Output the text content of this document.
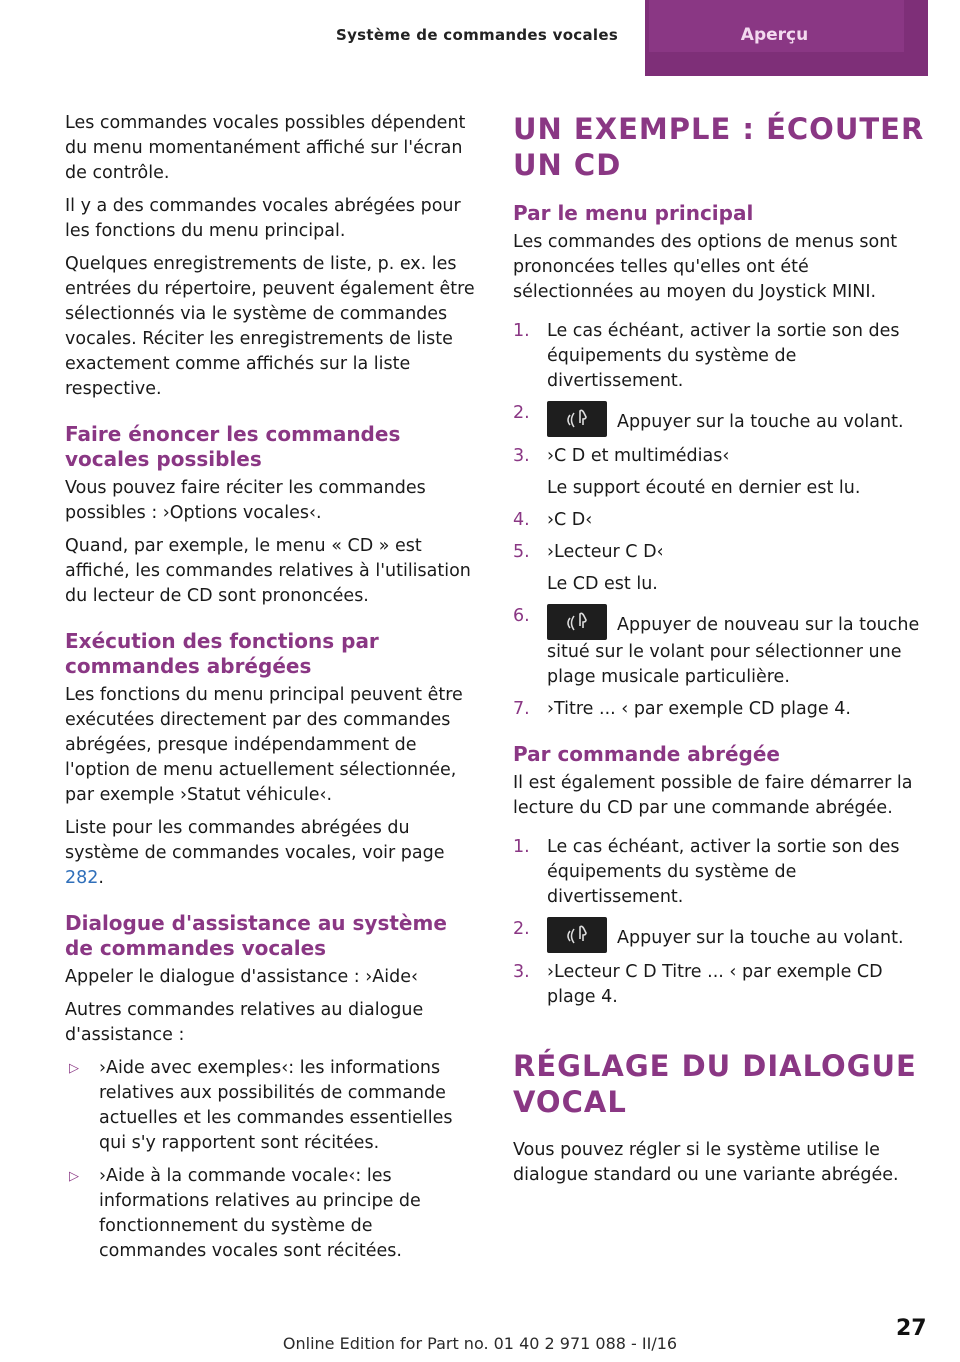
Système de commandes vocales	Aperçu

Les commandes vocales possibles dépendent du menu momentanément affiché sur l'écran de contrôle.

Il y a des commandes vocales abrégées pour les fonctions du menu principal.

Quelques enregistrements de liste, p. ex. les entrées du répertoire, peuvent également être sélectionnés via le système de commandes vocales. Réciter les enregistrements de liste exactement comme affichés sur la liste respective.

Faire énoncer les commandes vocales possibles

Vous pouvez faire réciter les commandes possibles : ›Options vocales‹.

Quand, par exemple, le menu « CD » est affiché, les commandes relatives à l'utilisation du lecteur de CD sont prononcées.

Exécution des fonctions par commandes abrégées

Les fonctions du menu principal peuvent être exécutées directement par des commandes abrégées, presque indépendamment de l'option de menu actuellement sélectionnée, par exemple ›Statut véhicule‹.

Liste pour les commandes abrégées du système de commandes vocales, voir page 282.

Dialogue d'assistance au système de commandes vocales

Appeler le dialogue d'assistance : ›Aide‹

Autres commandes relatives au dialogue d'assistance :

▷ ›Aide avec exemples‹: les informations relatives aux possibilités de commande actuelles et les commandes essentielles qui s'y rapportent sont récitées.
▷ ›Aide à la commande vocale‹: les informations relatives au principe de fonctionnement du système de commandes vocales sont récitées.
UN EXEMPLE : ÉCOUTER UN CD
Par le menu principal

Les commandes des options de menus sont prononcées telles qu'elles ont été sélectionnées au moyen du Joystick MINI.

1. Le cas échéant, activer la sortie son des équipements du système de divertissement.
2.	Appuyer sur la touche au volant.
3. ›C D et multimédias‹
Le support écouté en dernier est lu.
4. ›C D‹
5. ›Lecteur C D‹
Le CD est lu.
6.	Appuyer de nouveau sur la touche situé sur le volant pour sélectionner une plage musicale particulière.
7. ›Titre ... ‹ par exemple CD plage 4.
Par commande abrégée

Il est également possible de faire démarrer la lecture du CD par une commande abrégée.

1. Le cas échéant, activer la sortie son des équipements du système de divertissement.
2.	Appuyer sur la touche au volant.
3. ›Lecteur C D Titre ... ‹ par exemple CD plage 4.
RÉGLAGE DU DIALOGUE VOCAL

Vous pouvez régler si le système utilise le dialogue standard ou une variante abrégée.

27
Online Edition for Part no. 01 40 2 971 088 - II/16
